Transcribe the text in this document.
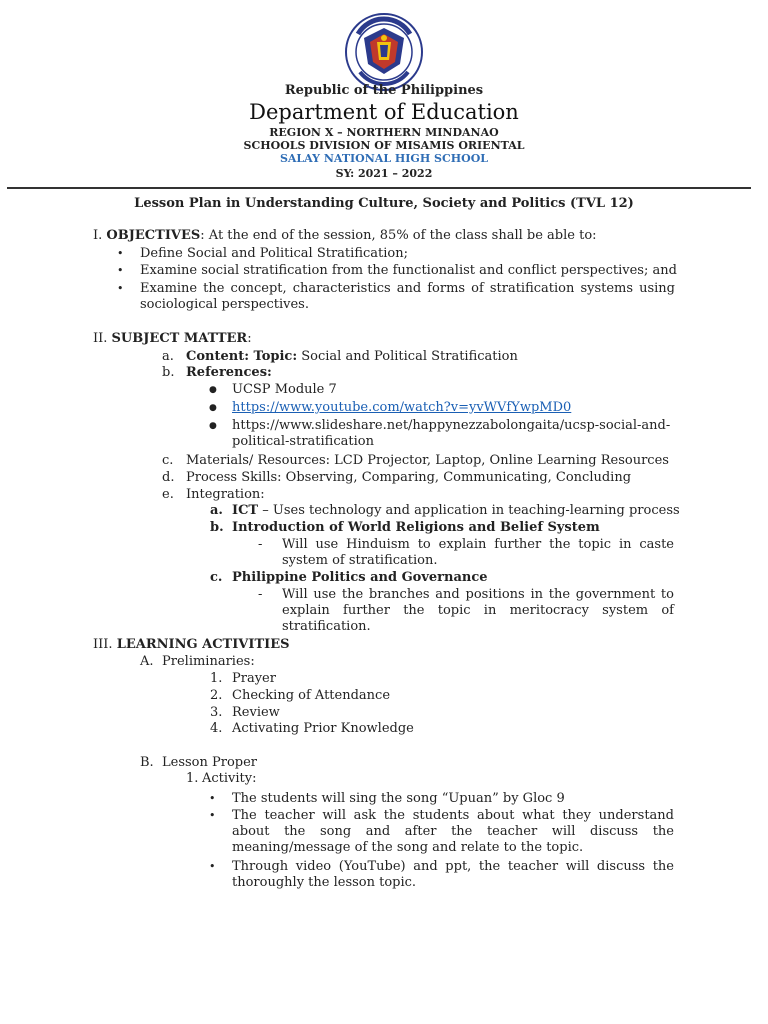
Republic of the Philippines
Department of Education
REGION X – NORTHERN MINDANAO
SCHOOLS DIVISION OF MISAMIS ORIENTAL
SALAY NATIONAL HIGH SCHOOL
SY: 2021 – 2022
Lesson Plan in Understanding Culture, Society and Politics (TVL 12)
I. OBJECTIVES: At the end of the session, 85% of the class shall be able to:
• Define Social and Political Stratification;
• Examine social stratification from the functionalist and conflict perspectives; and
• Examine the concept, characteristics and forms of stratification systems using sociological perspectives.
II. SUBJECT MATTER:
a. Content: Topic: Social and Political Stratification
b. References:
● UCSP Module 7
● https://www.youtube.com/watch?v=yvWVfYwpMD0
● https://www.slideshare.net/happynezzabolongaita/ucsp-social-and-political-stratification
c. Materials/ Resources: LCD Projector, Laptop, Online Learning Resources
d. Process Skills: Observing, Comparing, Communicating, Concluding
e. Integration:
a. ICT – Uses technology and application in teaching-learning process
b. Introduction of World Religions and Belief System
- Will use Hinduism to explain further the topic in caste system of stratification.
c. Philippine Politics and Governance
- Will use the branches and positions in the government to explain further the topic in meritocracy system of stratification.
III. LEARNING ACTIVITIES
A. Preliminaries:
1. Prayer
2. Checking of Attendance
3. Review
4. Activating Prior Knowledge
B. Lesson Proper
1. Activity:
• The students will sing the song “Upuan” by Gloc 9
• The teacher will ask the students about what they understand about the song and after the teacher will discuss the meaning/message of the song and relate to the topic.
• Through video (YouTube) and ppt, the teacher will discuss the thoroughly the lesson topic.
